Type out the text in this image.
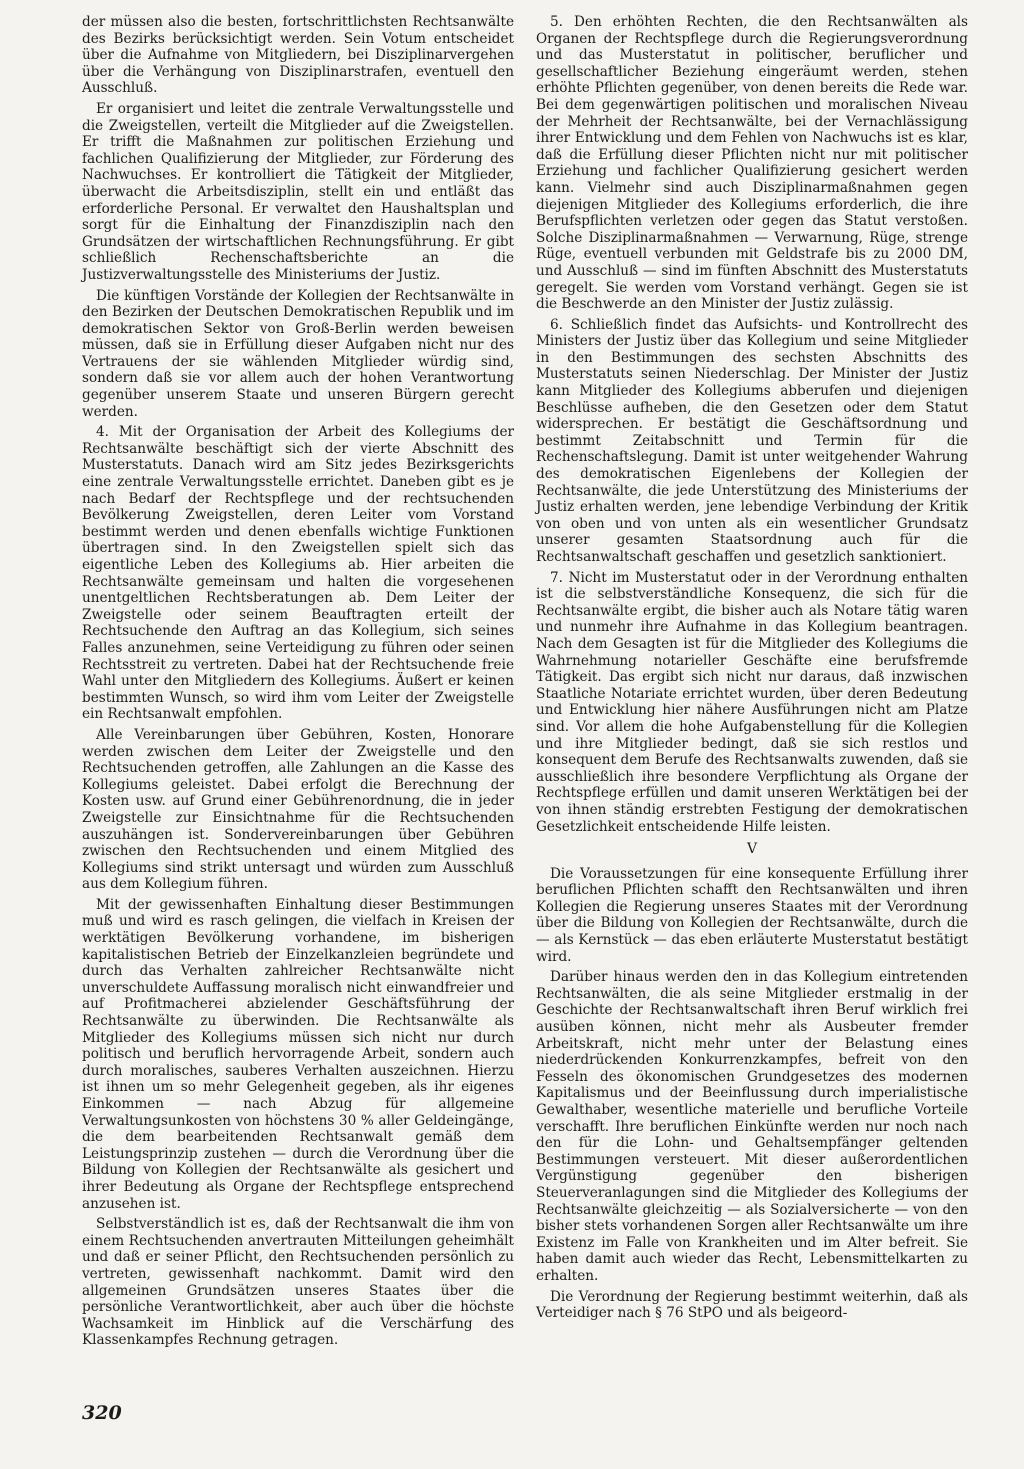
der müssen also die besten, fortschrittlichsten Rechtsanwälte des Bezirks berücksichtigt werden. Sein Votum entscheidet über die Aufnahme von Mitgliedern, bei Disziplinarvergehen über die Verhängung von Disziplinarstrafen, eventuell den Ausschluß.

Er organisiert und leitet die zentrale Verwaltungsstelle und die Zweigstellen, verteilt die Mitglieder auf die Zweigstellen. Er trifft die Maßnahmen zur politischen Erziehung und fachlichen Qualifizierung der Mitglieder, zur Förderung des Nachwuchses. Er kontrolliert die Tätigkeit der Mitglieder, überwacht die Arbeitsdisziplin, stellt ein und entläßt das erforderliche Personal. Er verwaltet den Haushaltsplan und sorgt für die Einhaltung der Finanzdisziplin nach den Grundsätzen der wirtschaftlichen Rechnungsführung. Er gibt schließlich Rechenschaftsberichte an die Justizverwaltungsstelle des Ministeriums der Justiz.

Die künftigen Vorstände der Kollegien der Rechtsanwälte in den Bezirken der Deutschen Demokratischen Republik und im demokratischen Sektor von Groß-Berlin werden beweisen müssen, daß sie in Erfüllung dieser Aufgaben nicht nur des Vertrauens der sie wählenden Mitglieder würdig sind, sondern daß sie vor allem auch der hohen Verantwortung gegenüber unserem Staate und unseren Bürgern gerecht werden.

4. Mit der Organisation der Arbeit des Kollegiums der Rechtsanwälte beschäftigt sich der vierte Abschnitt des Musterstatuts. Danach wird am Sitz jedes Bezirksgerichts eine zentrale Verwaltungsstelle errichtet. Daneben gibt es je nach Bedarf der Rechtspflege und der rechtsuchenden Bevölkerung Zweigstellen, deren Leiter vom Vorstand bestimmt werden und denen ebenfalls wichtige Funktionen übertragen sind. In den Zweigstellen spielt sich das eigentliche Leben des Kollegiums ab. Hier arbeiten die Rechtsanwälte gemeinsam und halten die vorgesehenen unentgeltlichen Rechtsberatungen ab. Dem Leiter der Zweigstelle oder seinem Beauftragten erteilt der Rechtsuchende den Auftrag an das Kollegium, sich seines Falles anzunehmen, seine Verteidigung zu führen oder seinen Rechtsstreit zu vertreten. Dabei hat der Rechtsuchende freie Wahl unter den Mitgliedern des Kollegiums. Äußert er keinen bestimmten Wunsch, so wird ihm vom Leiter der Zweigstelle ein Rechtsanwalt empfohlen.

Alle Vereinbarungen über Gebühren, Kosten, Honorare werden zwischen dem Leiter der Zweigstelle und den Rechtsuchenden getroffen, alle Zahlungen an die Kasse des Kollegiums geleistet. Dabei erfolgt die Berechnung der Kosten usw. auf Grund einer Gebührenordnung, die in jeder Zweigstelle zur Einsichtnahme für die Rechtsuchenden auszuhängen ist. Sondervereinbarungen über Gebühren zwischen den Rechtsuchenden und einem Mitglied des Kollegiums sind strikt untersagt und würden zum Ausschluß aus dem Kollegium führen.

Mit der gewissenhaften Einhaltung dieser Bestimmungen muß und wird es rasch gelingen, die vielfach in Kreisen der werktätigen Bevölkerung vorhandene, im bisherigen kapitalistischen Betrieb der Einzelkanzleien begründete und durch das Verhalten zahlreicher Rechtsanwälte nicht unverschuldete Auffassung moralisch nicht einwandfreier und auf Profitmacherei abzielender Geschäftsführung der Rechtsanwälte zu überwinden. Die Rechtsanwälte als Mitglieder des Kollegiums müssen sich nicht nur durch politisch und beruflich hervorragende Arbeit, sondern auch durch moralisches, sauberes Verhalten auszeichnen. Hierzu ist ihnen um so mehr Gelegenheit gegeben, als ihr eigenes Einkommen — nach Abzug für allgemeine Verwaltungsunkosten von höchstens 30 % aller Geldeingänge, die dem bearbeitenden Rechtsanwalt gemäß dem Leistungsprinzip zustehen — durch die Verordnung über die Bildung von Kollegien der Rechtsanwälte als gesichert und ihrer Bedeutung als Organe der Rechtspflege entsprechend anzusehen ist.

Selbstverständlich ist es, daß der Rechtsanwalt die ihm von einem Rechtsuchenden anvertrauten Mitteilungen geheimhält und daß er seiner Pflicht, den Rechtsuchenden persönlich zu vertreten, gewissenhaft nachkommt. Damit wird den allgemeinen Grundsätzen unseres Staates über die persönliche Verantwortlichkeit, aber auch über die höchste Wachsamkeit im Hinblick auf die Verschärfung des Klassenkampfes Rechnung getragen.

5. Den erhöhten Rechten, die den Rechtsanwälten als Organen der Rechtspflege durch die Regierungsverordnung und das Musterstatut in politischer, beruflicher und gesellschaftlicher Beziehung eingeräumt werden, stehen erhöhte Pflichten gegenüber, von denen bereits die Rede war. Bei dem gegenwärtigen politischen und moralischen Niveau der Mehrheit der Rechtsanwälte, bei der Vernachlässigung ihrer Entwicklung und dem Fehlen von Nachwuchs ist es klar, daß die Erfüllung dieser Pflichten nicht nur mit politischer Erziehung und fachlicher Qualifizierung gesichert werden kann. Vielmehr sind auch Disziplinarmaßnahmen gegen diejenigen Mitglieder des Kollegiums erforderlich, die ihre Berufspflichten verletzen oder gegen das Statut verstoßen. Solche Disziplinarmaßnahmen — Verwarnung, Rüge, strenge Rüge, eventuell verbunden mit Geldstrafe bis zu 2000 DM, und Ausschluß — sind im fünften Abschnitt des Musterstatuts geregelt. Sie werden vom Vorstand verhängt. Gegen sie ist die Beschwerde an den Minister der Justiz zulässig.

6. Schließlich findet das Aufsichts- und Kontrollrecht des Ministers der Justiz über das Kollegium und seine Mitglieder in den Bestimmungen des sechsten Abschnitts des Musterstatuts seinen Niederschlag. Der Minister der Justiz kann Mitglieder des Kollegiums abberufen und diejenigen Beschlüsse aufheben, die den Gesetzen oder dem Statut widersprechen. Er bestätigt die Geschäftsordnung und bestimmt Zeitabschnitt und Termin für die Rechenschaftslegung. Damit ist unter weitgehender Wahrung des demokratischen Eigenlebens der Kollegien der Rechtsanwälte, die jede Unterstützung des Ministeriums der Justiz erhalten werden, jene lebendige Verbindung der Kritik von oben und von unten als ein wesentlicher Grundsatz unserer gesamten Staatsordnung auch für die Rechtsanwaltschaft geschaffen und gesetzlich sanktioniert.

7. Nicht im Musterstatut oder in der Verordnung enthalten ist die selbstverständliche Konsequenz, die sich für die Rechtsanwälte ergibt, die bisher auch als Notare tätig waren und nunmehr ihre Aufnahme in das Kollegium beantragen. Nach dem Gesagten ist für die Mitglieder des Kollegiums die Wahrnehmung notarieller Geschäfte eine berufsfremde Tätigkeit. Das ergibt sich nicht nur daraus, daß inzwischen Staatliche Notariate errichtet wurden, über deren Bedeutung und Entwicklung hier nähere Ausführungen nicht am Platze sind. Vor allem die hohe Aufgabenstellung für die Kollegien und ihre Mitglieder bedingt, daß sie sich restlos und konsequent dem Berufe des Rechtsanwalts zuwenden, daß sie ausschließlich ihre besondere Verpflichtung als Organe der Rechtspflege erfüllen und damit unseren Werktätigen bei der von ihnen ständig erstrebten Festigung der demokratischen Gesetzlichkeit entscheidende Hilfe leisten.

V

Die Voraussetzungen für eine konsequente Erfüllung ihrer beruflichen Pflichten schafft den Rechtsanwälten und ihren Kollegien die Regierung unseres Staates mit der Verordnung über die Bildung von Kollegien der Rechtsanwälte, durch die — als Kernstück — das eben erläuterte Musterstatut bestätigt wird.

Darüber hinaus werden den in das Kollegium eintretenden Rechtsanwälten, die als seine Mitglieder erstmalig in der Geschichte der Rechtsanwaltschaft ihren Beruf wirklich frei ausüben können, nicht mehr als Ausbeuter fremder Arbeitskraft, nicht mehr unter der Belastung eines niederdrückenden Konkurrenzkampfes, befreit von den Fesseln des ökonomischen Grundgesetzes des modernen Kapitalismus und der Beeinflussung durch imperialistische Gewalthaber, wesentliche materielle und berufliche Vorteile verschafft. Ihre beruflichen Einkünfte werden nur noch nach den für die Lohn- und Gehaltsempfänger geltenden Bestimmungen versteuert. Mit dieser außerordentlichen Vergünstigung gegenüber den bisherigen Steuerveranlagungen sind die Mitglieder des Kollegiums der Rechtsanwälte gleichzeitig — als Sozialversicherte — von den bisher stets vorhandenen Sorgen aller Rechtsanwälte um ihre Existenz im Falle von Krankheiten und im Alter befreit. Sie haben damit auch wieder das Recht, Lebensmittelkarten zu erhalten.

Die Verordnung der Regierung bestimmt weiterhin, daß als Verteidiger nach § 76 StPO und als beigeord-

320
